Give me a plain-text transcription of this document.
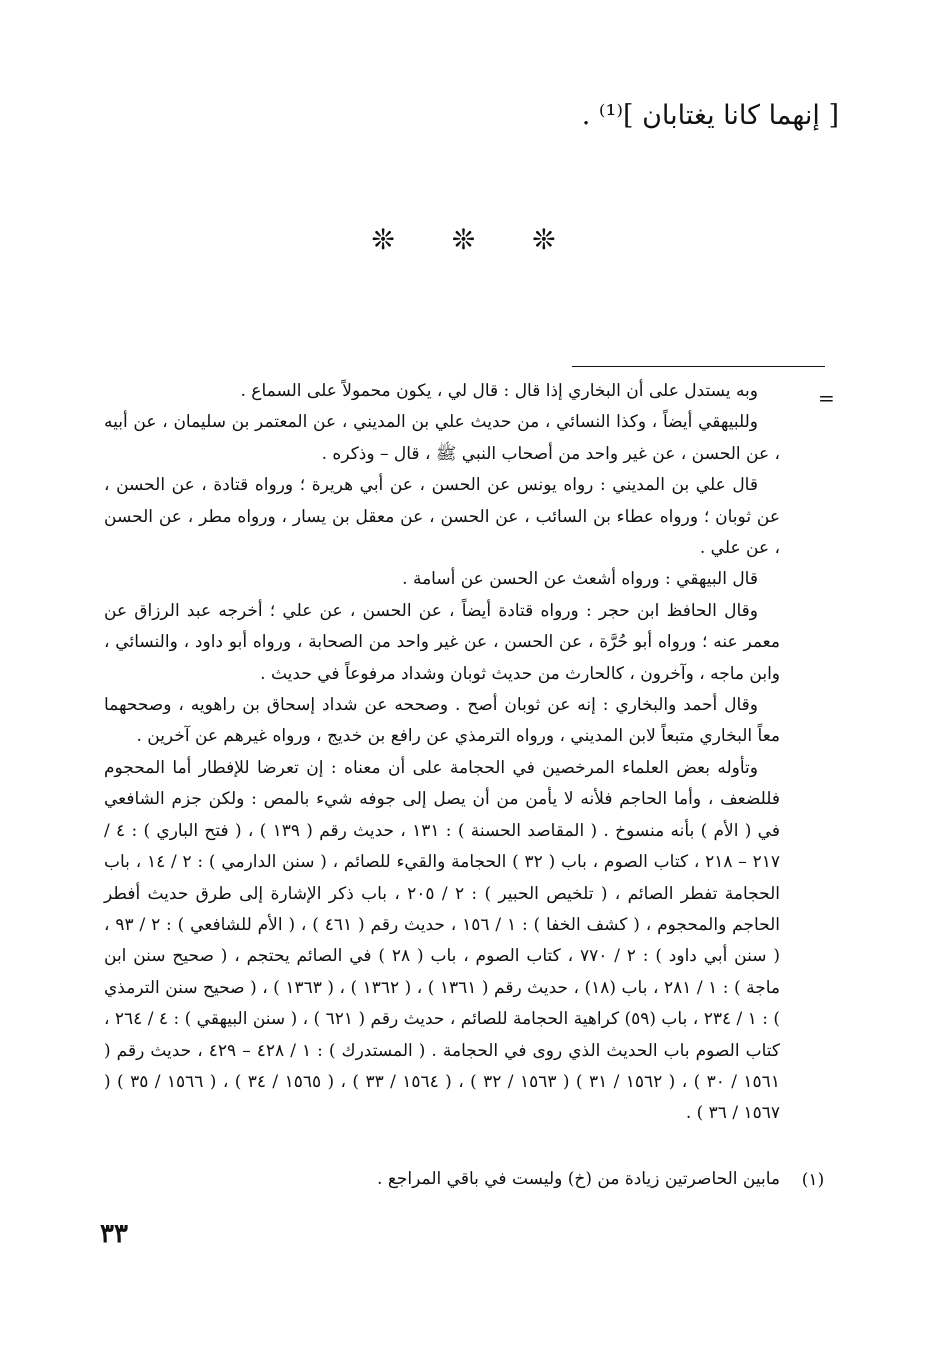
[ إنهما كانا يغتابان ]⁽¹⁾ .
❊ ❊ ❊
=

وبه يستدل على أن البخاري إذا قال : قال لي ، يكون محمولاً على السماع .

وللبيهقي أيضاً ، وكذا النسائي ، من حديث علي بن المديني ، عن المعتمر بن سليمان ، عن أبيه ، عن الحسن ، عن غير واحد من أصحاب النبي ﷺ ، قال – وذكره .

قال علي بن المديني : رواه يونس عن الحسن ، عن أبي هريرة ؛ ورواه قتادة ، عن الحسن ، عن ثوبان ؛ ورواه عطاء بن السائب ، عن الحسن ، عن معقل بن يسار ، ورواه مطر ، عن الحسن ، عن علي .

قال البيهقي : ورواه أشعث عن الحسن عن أسامة .

وقال الحافظ ابن حجر : ورواه قتادة أيضاً ، عن الحسن ، عن علي ؛ أخرجه عبد الرزاق عن معمر عنه ؛ ورواه أبو حُرَّة ، عن الحسن ، عن غير واحد من الصحابة ، ورواه أبو داود ، والنسائي ، وابن ماجه ، وآخرون ، كالحارث من حديث ثوبان وشداد مرفوعاً في حديث .

وقال أحمد والبخاري : إنه عن ثوبان أصح . وصححه عن شداد إسحاق بن راهويه ، وصححهما معاً البخاري متبعاً لابن المديني ، ورواه الترمذي عن رافع بن خديج ، ورواه غيرهم عن آخرين .

وتأوله بعض العلماء المرخصين في الحجامة على أن معناه : إن تعرضا للإفطار أما المحجوم فللضعف ، وأما الحاجم فلأنه لا يأمن من أن يصل إلى جوفه شيء بالمص : ولكن جزم الشافعي في ( الأم ) بأنه منسوخ . ( المقاصد الحسنة ) : ١٣١ ، حديث رقم ( ١٣٩ ) ، ( فتح الباري ) : ٤ / ٢١٧ – ٢١٨ ، كتاب الصوم ، باب ( ٣٢ ) الحجامة والقيء للصائم ، ( سنن الدارمي ) : ٢ / ١٤ ، باب الحجامة تفطر الصائم ، ( تلخيص الحبير ) : ٢ / ٢٠٥ ، باب ذكر الإشارة إلى طرق حديث أفطر الحاجم والمحجوم ، ( كشف الخفا ) : ١ / ١٥٦ ، حديث رقم ( ٤٦١ ) ، ( الأم للشافعي ) : ٢ / ٩٣ ، ( سنن أبي داود ) : ٢ / ٧٧٠ ، كتاب الصوم ، باب ( ٢٨ ) في الصائم يحتجم ، ( صحيح سنن ابن ماجة ) : ١ / ٢٨١ ، باب (١٨) ، حديث رقم ( ١٣٦١ ) ، ( ١٣٦٢ ) ، ( ١٣٦٣ ) ، ( صحيح سنن الترمذي ) : ١ / ٢٣٤ ، باب (٥٩) كراهية الحجامة للصائم ، حديث رقم ( ٦٢١ ) ، ( سنن البيهقي ) : ٤ / ٢٦٤ ، كتاب الصوم باب الحديث الذي روى في الحجامة . ( المستدرك ) : ١ / ٤٢٨ – ٤٢٩ ، حديث رقم ( ١٥٦١ / ٣٠ ) ، ( ١٥٦٢ / ٣١ ) ( ١٥٦٣ / ٣٢ ) ، ( ١٥٦٤ / ٣٣ ) ، ( ١٥٦٥ / ٣٤ ) ، ( ١٥٦٦ / ٣٥ ) ( ١٥٦٧ / ٣٦ ) .

(١)
مابين الحاصرتين زيادة من (خ) وليست في باقي المراجع .
٣٣
